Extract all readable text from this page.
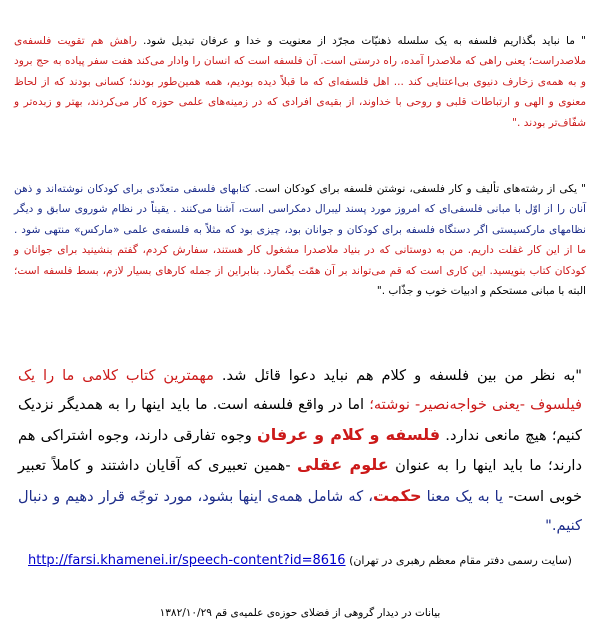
" ما نبايد بگذاريم فلسفه به يک سلسله ذهنيّات مجرّد از معنويت و خدا و عرفان تبديل شود. راهش هم تقويت فلسفه‌ی ملاصدراست؛ يعنی راهی كه ملاصدرا آمده، راه درستی است. آن فلسفه است كه انسان را وادار می‌كند هفت سفر پياده به حج برود و به همه‌ی زخارف دنيوی بی‌اعتنايی كند ... اهل فلسفه‌ای كه ما قبلاً ديده بوديم، همه همين‌طور بودند؛ كسانی بودند كه از لحاظ معنوی و الهی و ارتباطات قلبی و روحی با خداوند، از بقيه‌ی افرادی كه در زمينه‌های علمی حوزه كار می‌كردند، بهتر و زبده‌تر و شفّاف‌تر بودند ."

" يكی از رشته‌های تأليف و كار فلسفی، نوشتن فلسفه برای كودكان است. كتابهای فلسفی متعدّدی برای كودكان نوشته‌اند و ذهن آنان را از اوّل با مبانی فلسفی‌ای كه امروز مورد پسند ليبرال دمكراسی است، آشنا می‌كنند . يقيناً در نظام شوروی سابق و ديگر نظامهای ماركسيستی اگر دستگاه فلسفه برای كودكان و جوانان بود، چيزی بود كه مثلاً به فلسفه‌ی علمی «ماركس» منتهی شود . ما از اين كار غفلت داريم. من به دوستانی كه در بنياد ملاصدرا مشغول كار هستند، سفارش كردم، گفتم بنشينيد برای جوانان و كودكان كتاب بنويسيد. اين كاری است كه قم می‌تواند بر آن همّت بگمارد. بنابراين از جمله كارهای بسيار لازم، بسط فلسفه است؛ البته با مبانی مستحكم و ادبيات خوب و جذّاب ."

"به نظر من بين فلسفه و كلام هم نبايد دعوا قائل شد. مهمترين كتاب كلامی ما را يک فيلسوف -يعنی خواجه‌نصير- نوشته؛ اما در واقع فلسفه است. ما بايد اينها را به همديگر نزديک كنيم؛ هيچ مانعی ندارد. فلسفه و كلام و عرفان وجوه تفارقی دارند، وجوه اشتراكی هم دارند؛ ما بايد اينها را به عنوان علوم عقلی -همين تعبيری كه آقايان داشتند و كاملاً تعبير خوبی است- يا به يک معنا حكمت، كه شامل همه‌ی اينها بشود، مورد توجّه قرار دهيم و دنبال كنيم."

(سايت رسمی دفتر مقام معظم رهبری در تهران) http://farsi.khamenei.ir/speech-content?id=8616
بيانات در ديدار گروهی از فضلای حوزه‌ی علميه‌ی قم ۱۳۸۲/۱۰/۲۹
